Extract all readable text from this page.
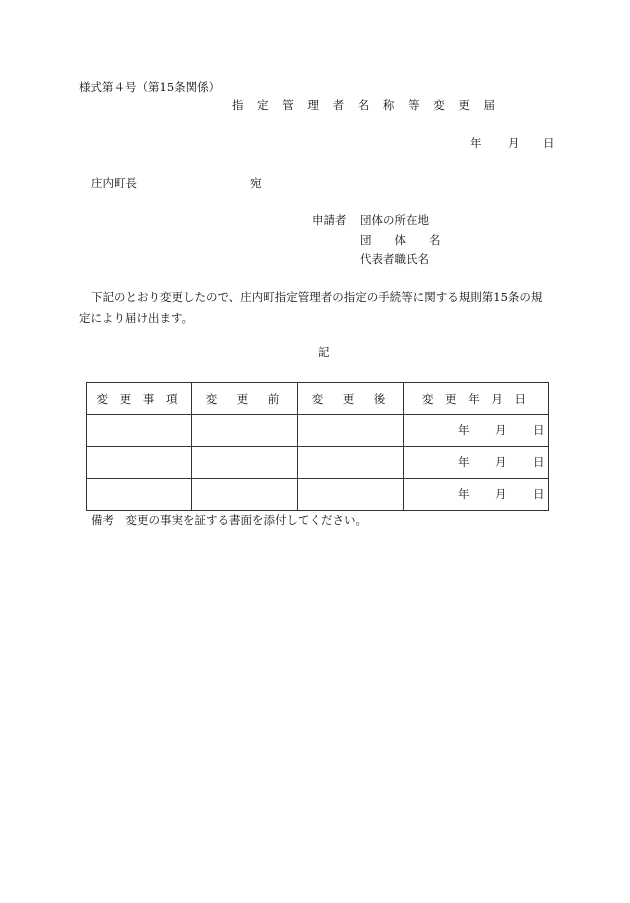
様式第４号（第15条関係）
指 定 管 理 者 名 称 等 変 更 届
年 月 日
庄内町長	宛
申請者 団体の所在地
団　　体　　名
代表者職氏名
下記のとおり変更したので、庄内町指定管理者の指定の手続等に関する規則第15条の規
定により届け出ます。
記
変 更 事 項	変　更　前	変　更　後	変 更 年 月 日

			年 月 日

			年 月 日

			年 月 日
備考　変更の事実を証する書面を添付してください。
